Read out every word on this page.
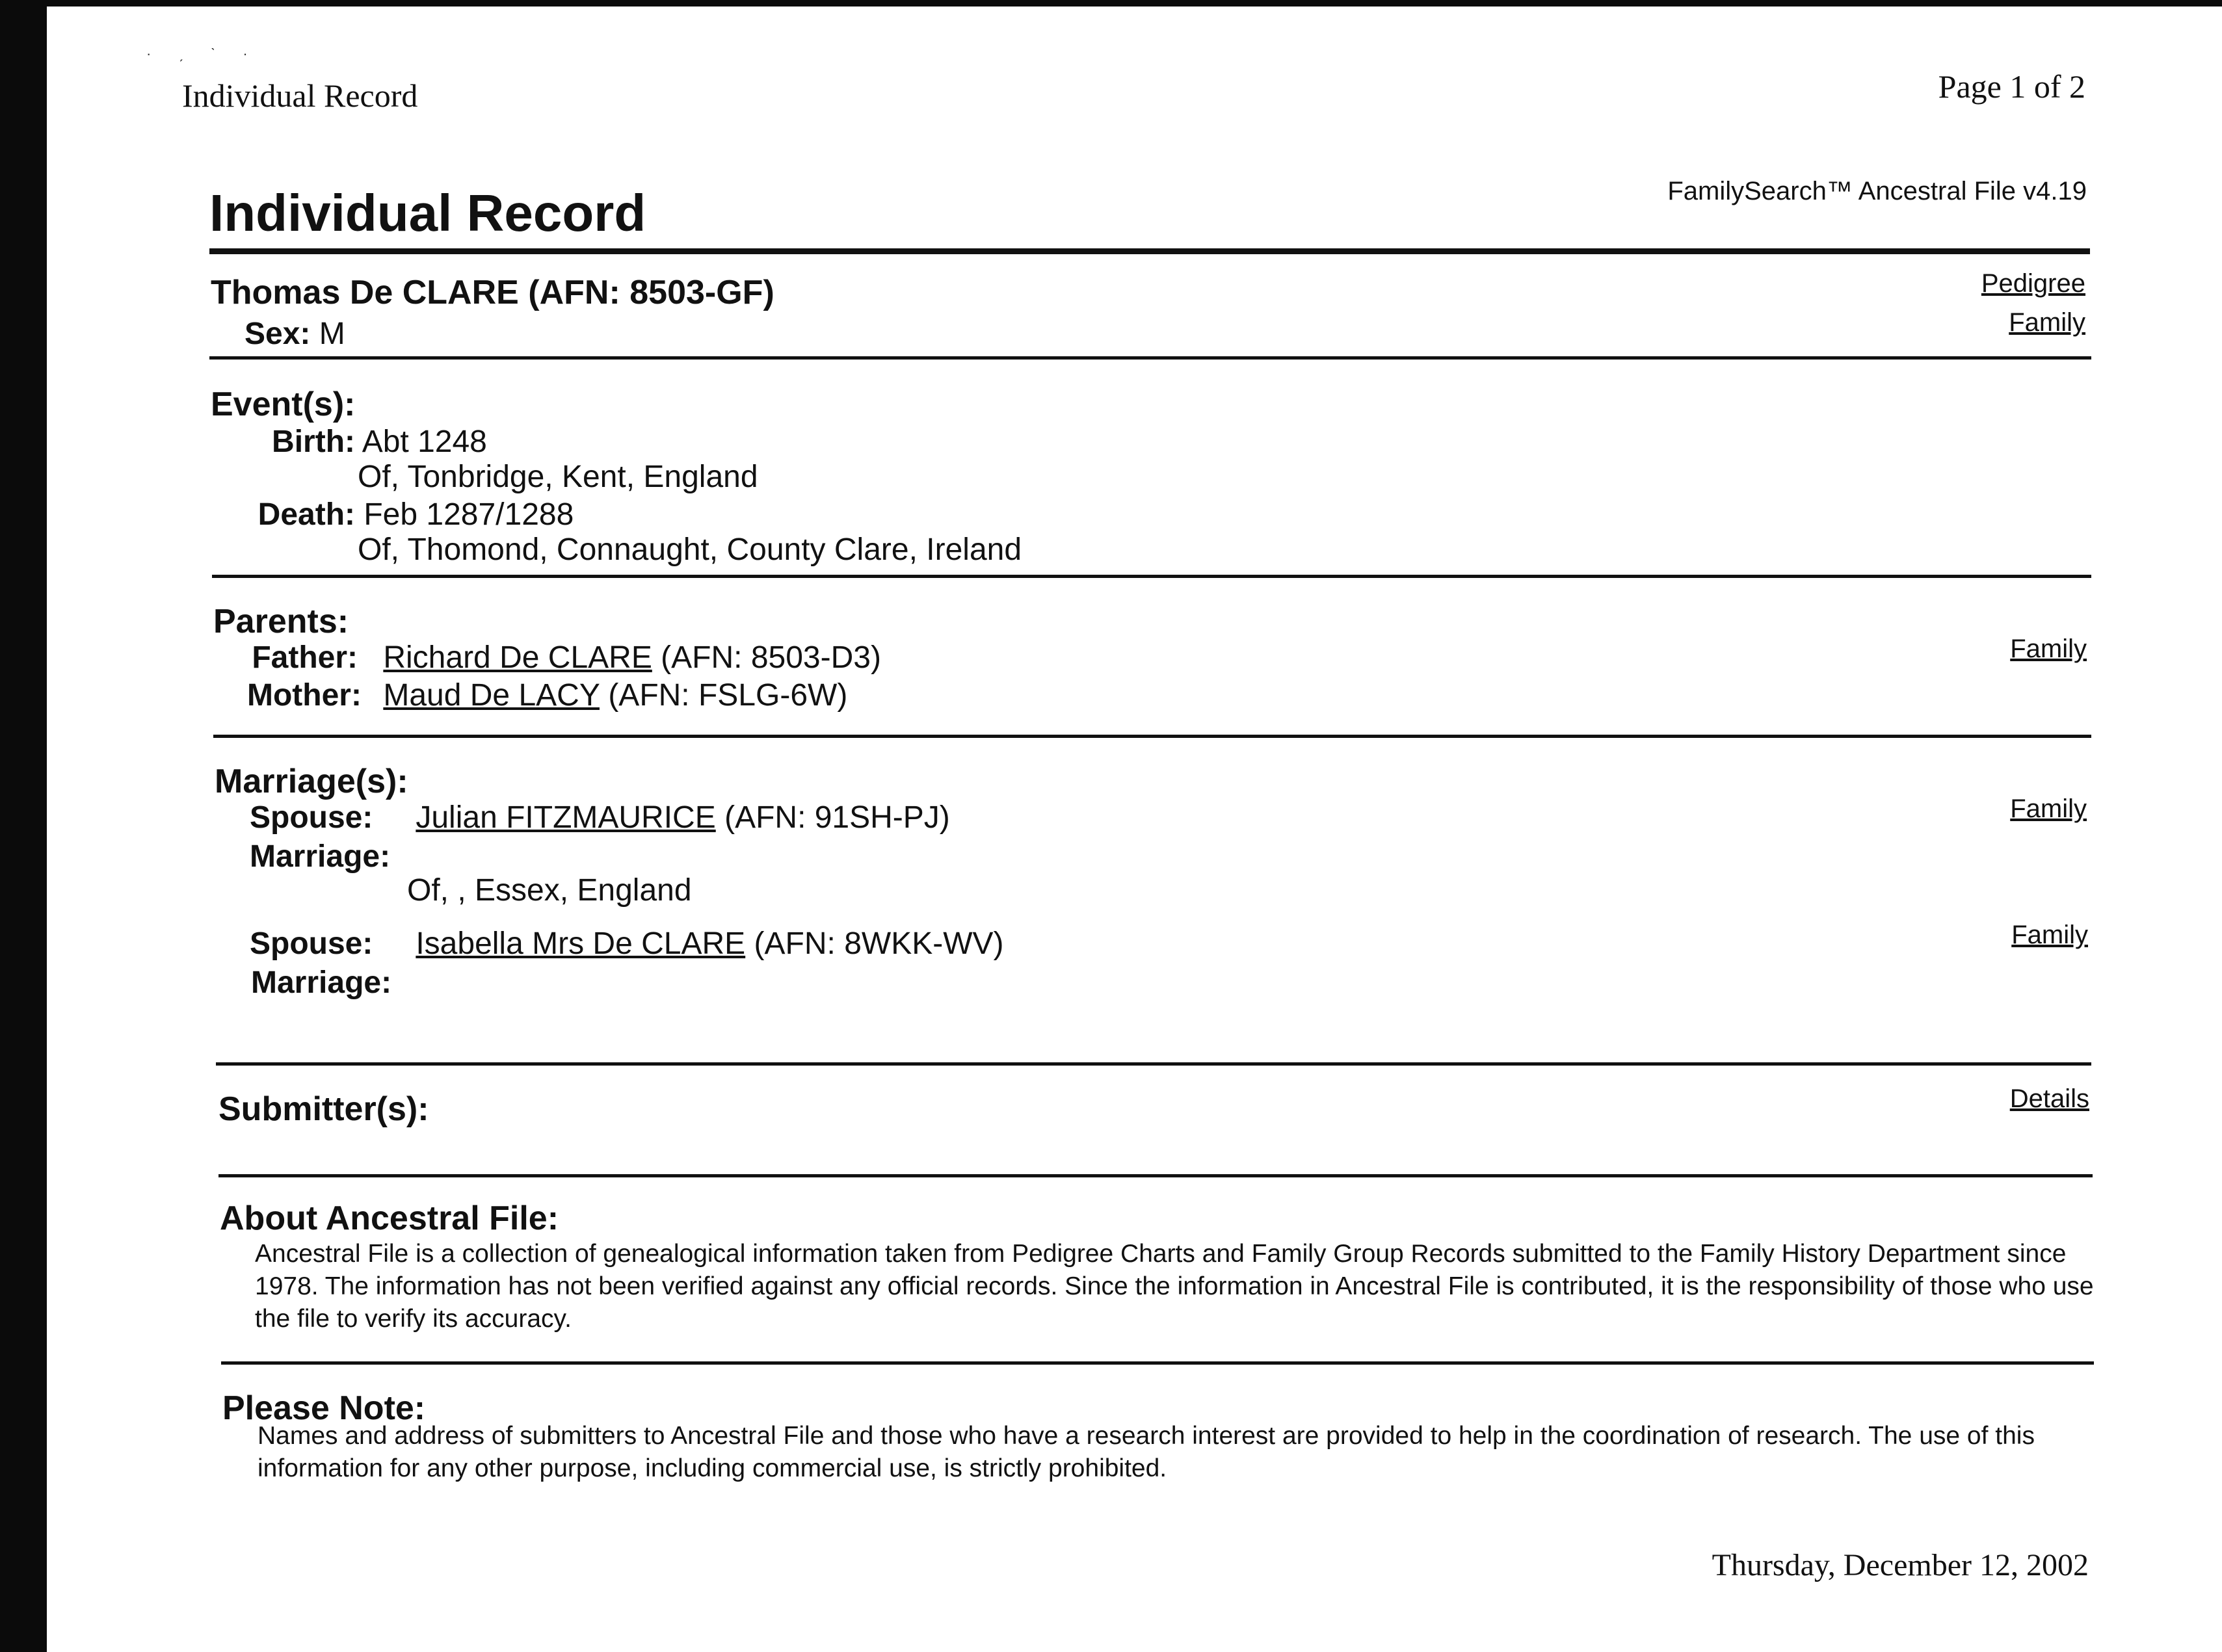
· ˏ ˋ ·
Individual Record	Page 1 of 2
Individual Record	FamilySearch™ Ancestral File v4.19
Thomas De CLARE (AFN: 8503-GF)
Sex: M
Pedigree
Family
Event(s):
Birth: Abt 1248
Of, Tonbridge, Kent, England
Death: Feb 1287/1288
Of, Thomond, Connaught, County Clare, Ireland
Parents:
Father: Richard De CLARE (AFN: 8503-D3)
Mother: Maud De LACY (AFN: FSLG-6W)
Family
Marriage(s):
Spouse: Julian FITZMAURICE (AFN: 91SH-PJ)
Marriage:
Of, , Essex, England
Family
Spouse: Isabella Mrs De CLARE (AFN: 8WKK-WV)
Marriage:
Family
Submitter(s):	Details
About Ancestral File:
Ancestral File is a collection of genealogical information taken from Pedigree Charts and Family Group Records submitted to the Family History Department since 1978. The information has not been verified against any official records. Since the information in Ancestral File is contributed, it is the responsibility of those who use the file to verify its accuracy.
Please Note:
Names and address of submitters to Ancestral File and those who have a research interest are provided to help in the coordination of research. The use of this information for any other purpose, including commercial use, is strictly prohibited.
Thursday, December 12, 2002
